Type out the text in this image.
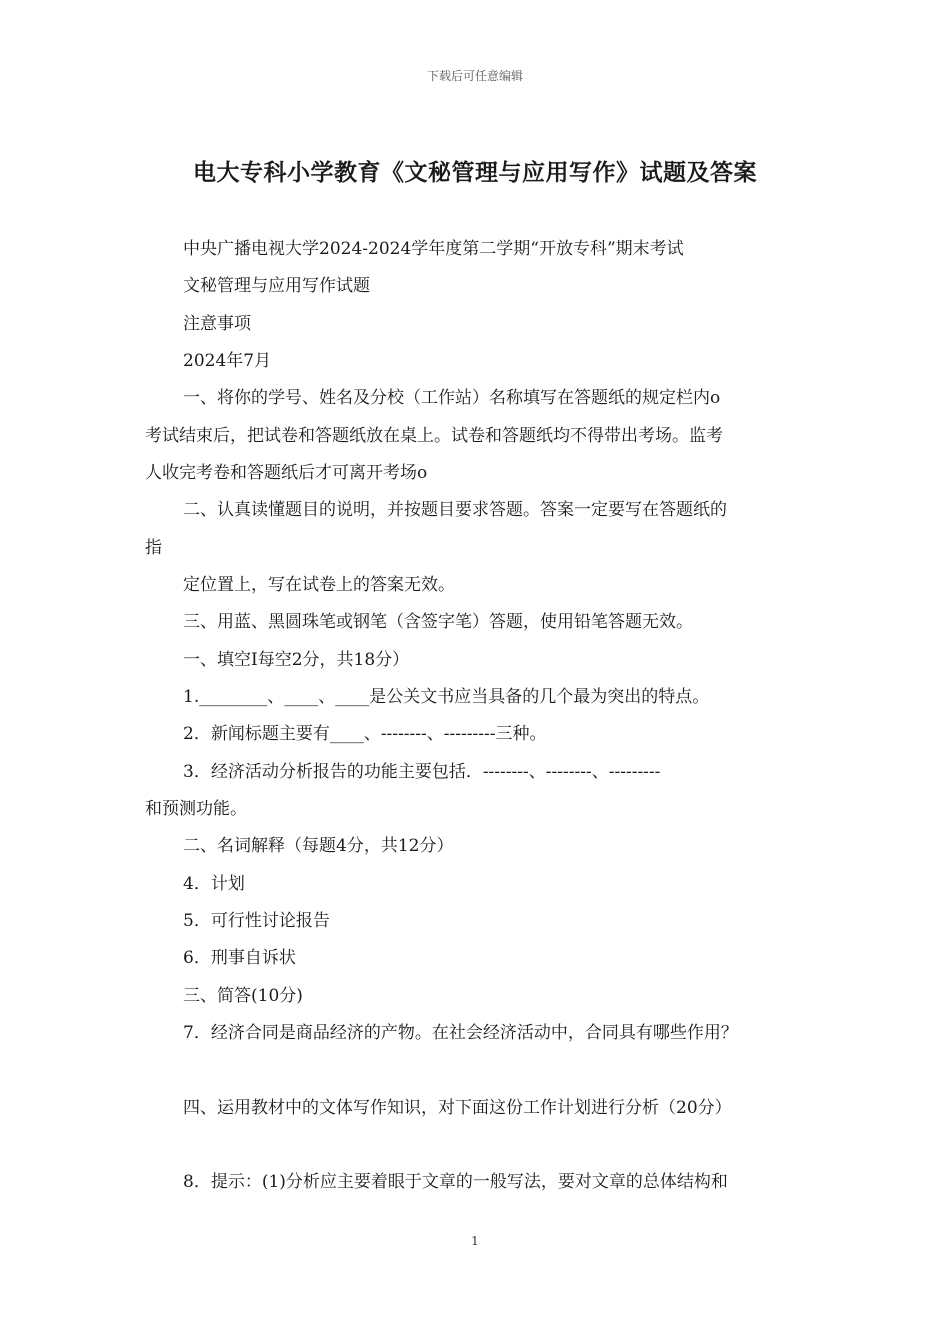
下载后可任意编辑
电大专科小学教育《文秘管理与应用写作》试题及答案
中央广播电视大学2024-2024学年度第二学期“开放专科”期末考试
文秘管理与应用写作试题
注意事项
2024年7月
一、将你的学号、姓名及分校（工作站）名称填写在答题纸的规定栏内o
考试结束后，把试卷和答题纸放在桌上。试卷和答题纸均不得带出考场。监考
人收完考卷和答题纸后才可离开考场o
二、认真读懂题目的说明，并按题目要求答题。答案一定要写在答题纸的
指
定位置上，写在试卷上的答案无效。
三、用蓝、黑圆珠笔或钢笔（含签字笔）答题，使用铅笔答题无效。
一、填空I每空2分，共18分）
1.________、____、____是公关文书应当具备的几个最为突出的特点。
2．新闻标题主要有____、--------、---------三种。
3．经济活动分析报告的功能主要包括．--------、--------、---------
和预测功能。
二、名词解释（每题4分，共12分）
4．计划
5．可行性讨论报告
6．刑事自诉状
三、简答(10分)
7．经济合同是商品经济的产物。在社会经济活动中，合同具有哪些作用？
四、运用教材中的文体写作知识，对下面这份工作计划进行分析（20分）
8．提示：(1)分析应主要着眼于文章的一般写法，要对文章的总体结构和
1
